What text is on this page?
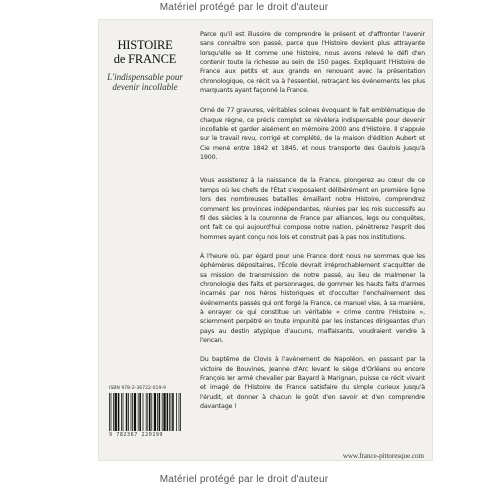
Matériel protégé par le droit d'auteur
HISTOIRE
de FRANCE
L'indispensable pour
devenir incollable

Parce qu'il est illusoire de comprendre le présent et d'affronter l'avenir sans connaître son passé, parce que l'Histoire devient plus attrayante lorsqu'elle se lit comme une histoire, nous avons relevé le défi d'en contenir toute la richesse au sein de 150 pages. Expliquant l'Histoire de France aux petits et aux grands en renouant avec la présentation chronologique, ce récit va à l'essentiel, retraçant les événements les plus marquants ayant façonné la France.

Orné de 77 gravures, véritables scènes évoquant le fait emblématique de chaque règne, ce précis complet se révèlera indispensable pour devenir incollable et garder aisément en mémoire 2000 ans d'Histoire. Il s'appuie sur le travail revu, corrigé et complété, de la maison d'édition Aubert et Cie mené entre 1842 et 1845, et nous transporte des Gaulois jusqu'à 1900.

Vous assisterez à la naissance de la France, plongerez au cœur de ce temps où les chefs de l'État s'exposaient délibérément en première ligne lors des nombreuses batailles émaillant notre Histoire, comprendrez comment les provinces indépendantes, réunies par les rois successifs au fil des siècles à la couronne de France par alliances, legs ou conquêtes, ont fait ce qui aujourd'hui compose notre nation, pénètrerez l'esprit des hommes ayant conçu nos lois et construit pas à pas nos institutions.

À l'heure où, par égard pour une France dont nous ne sommes que les éphémères dépositaires, l'École devrait irréprochablement s'acquitter de sa mission de transmission de notre passé, au lieu de malmener la chronologie des faits et personnages, de gommer les hauts faits d'armes incarnés par nos héros historiques et d'occulter l'enchaînement des événements passés qui ont forgé la France, ce manuel vise, à sa manière, à enrayer ce qui constitue un véritable « crime contre l'Histoire », sciemment perpétré en toute impunité par les instances dirigeantes d'un pays au destin atypique d'aucuns, malfaisants, voudraient vendre à l'encan.

Du baptême de Clovis à l'avènement de Napoléon, en passant par la victoire de Bouvines, Jeanne d'Arc levant le siège d'Orléans ou encore François Ier armé chevalier par Bayard à Marignan, puisse ce récit vivant et imagé de l'Histoire de France satisfaire du simple curieux jusqu'à l'érudit, et donner à chacun le goût d'en savoir et d'en comprendre davantage !

ISBN 978-2-36722-019-9
9 782367 220199
www.france-pittoresque.com
Matériel protégé par le droit d'auteur
